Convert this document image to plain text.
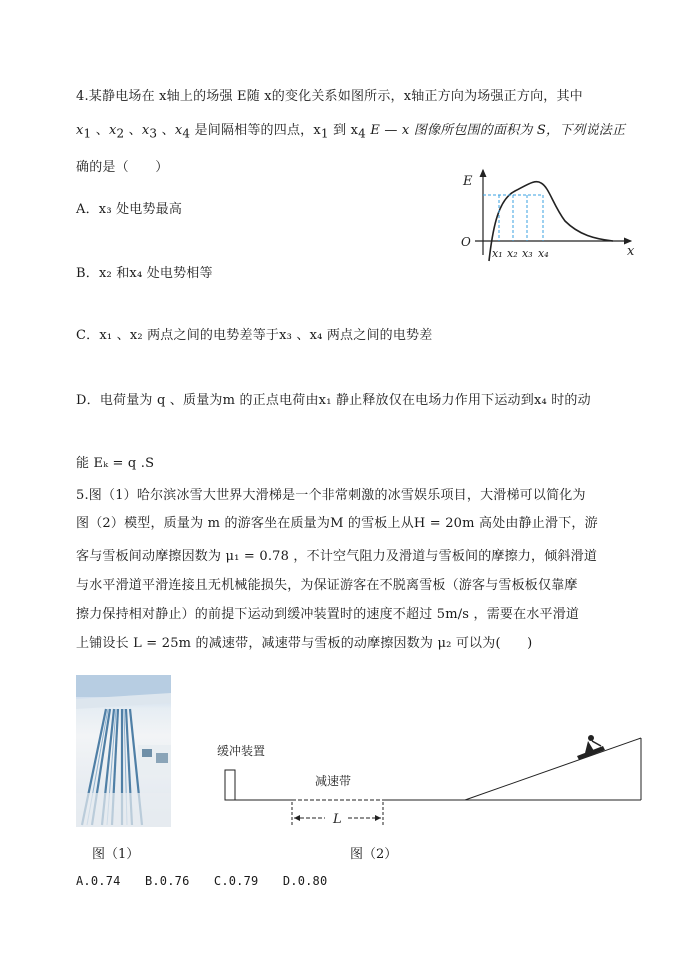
4.某静电场在 x轴上的场强 E随 x的变化关系如图所示，x轴正方向为场强正方向，其中
$x_1$ 、$x_2$ 、$x_3$ 、$x_4$ 是间隔相等的四点，$x_1$ 到 $x_4$ E — x 图像所包围的面积为 S，下列说法正
确的是（　　）
A．x₃ 处电势最高
B．x₂ 和x₄ 处电势相等
C．x₁ 、x₂ 两点之间的电势差等于x₃ 、x₄ 两点之间的电势差
D．电荷量为 q 、质量为m 的正点电荷由x₁ 静止释放仅在电场力作用下运动到x₄ 时的动
能 Eₖ = q .S
E
x
O
x₁ x₂ x₃ x₄
5.图（1）哈尔滨冰雪大世界大滑梯是一个非常刺激的冰雪娱乐项目，大滑梯可以简化为
图（2）模型，质量为 m 的游客坐在质量为M 的雪板上从H = 20m 高处由静止滑下，游
客与雪板间动摩擦因数为 μ₁ = 0.78 ，不计空气阻力及滑道与雪板间的摩擦力，倾斜滑道
与水平滑道平滑连接且无机械能损失，为保证游客在不脱离雪板（游客与雪板板仅靠摩
擦力保持相对静止）的前提下运动到缓冲装置时的速度不超过 5m/s ，需要在水平滑道
上铺设长 L = 25m 的减速带，减速带与雪板的动摩擦因数为 μ₂ 可以为(　　)
图（1）
缓冲装置
减速带
L
图（2）
A.0.74　　B.0.76　　C.0.79　　D.0.80
